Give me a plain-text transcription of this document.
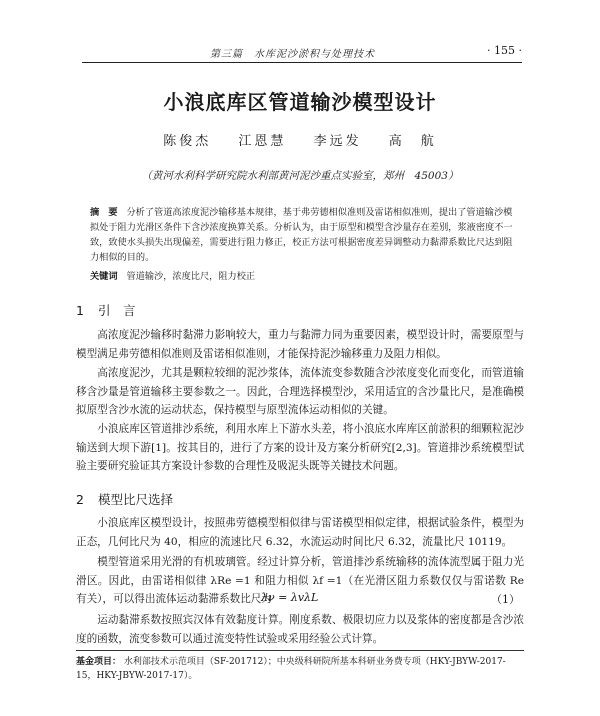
第三篇　水库泥沙淤积与处理技术	· 155 ·
小浪底库区管道输沙模型设计
陈俊杰 江恩慧 李远发 高　航
（黄河水利科学研究院水利部黄河泥沙重点实验室，郑州　45003）
摘　要 分析了管道高浓度泥沙输移基本规律，基于弗劳德相似准则及雷诺相似准则，提出了管道输沙模拟处于阻力光滑区条件下含沙浓度换算关系。分析认为，由于原型和模型含沙量存在差别，浆液密度不一致，致使水头损失出现偏差，需要进行阻力修正，校正方法可根据密度差异调整动力黏滞系数比尺达到阻力相似的目的。
关键词 管道输沙，浓度比尺，阻力校正
1 引　言
高浓度泥沙输移时黏滞力影响较大，重力与黏滞力同为重要因素，模型设计时，需要原型与模型满足弗劳德相似准则及雷诺相似准则，才能保持泥沙输移重力及阻力相似。
高浓度泥沙，尤其是颗粒较细的泥沙浆体，流体流变参数随含沙浓度变化而变化，而管道输移含沙量是管道输移主要参数之一。因此，合理选择模型沙，采用适宜的含沙量比尺，是准确模拟原型含沙水流的运动状态，保持模型与原型流体运动相似的关键。
小浪底库区管道排沙系统，利用水库上下游水头差，将小浪底水库库区前淤积的细颗粒泥沙输送到大坝下游[1]。按其目的，进行了方案的设计及方案分析研究[2,3]。管道排沙系统模型试验主要研究验证其方案设计参数的合理性及吸泥头既等关键技术问题。
2 模型比尺选择
小浪底库区模型设计，按照弗劳德模型相似律与雷诺模型相似定律，根据试验条件，模型为正态，几何比尺为 40，相应的流速比尺 6.32，水流运动时间比尺 6.32，流量比尺 10119。
模型管道采用光滑的有机玻璃管。经过计算分析，管道排沙系统输移的流体流型属于阻力光滑区。因此，由雷诺相似律 λRe =1 和阻力相似 λf =1（在光滑区阻力系数仅仅与雷诺数 Re 有关），可以得出流体运动黏滞系数比尺为
λν = λvλL	（1）
运动黏滞系数按照宾汉体有效黏度计算。刚度系数、极限切应力以及浆体的密度都是含沙浓度的函数，流变参数可以通过流变特性试验或采用经验公式计算。
基金项目： 水利部技术示范项目（SF-201712）；中央级科研院所基本科研业务费专项（HKY-JBYW-2017-15，HKY-JBYW-2017-17）。
